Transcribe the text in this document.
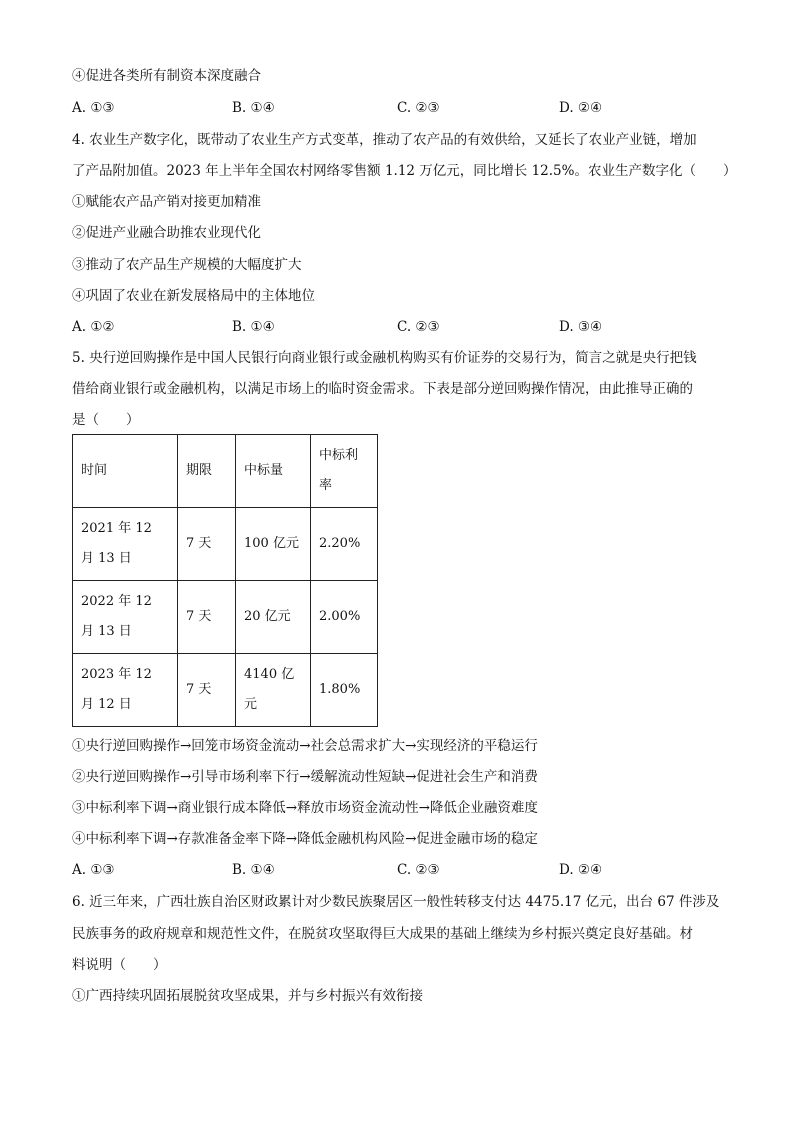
④促进各类所有制资本深度融合
A. ①③	B. ①④	C. ②③	D. ②④
4. 农业生产数字化，既带动了农业生产方式变革，推动了农产品的有效供给，又延长了农业产业链，增加
了产品附加值。2023 年上半年全国农村网络零售额 1.12 万亿元，同比增长 12.5%。农业生产数字化（　　）
①赋能农产品产销对接更加精准
②促进产业融合助推农业现代化
③推动了农产品生产规模的大幅度扩大
④巩固了农业在新发展格局中的主体地位
A. ①②	B. ①④	C. ②③	D. ③④
5. 央行逆回购操作是中国人民银行向商业银行或金融机构购买有价证券的交易行为，简言之就是央行把钱
借给商业银行或金融机构，以满足市场上的临时资金需求。下表是部分逆回购操作情况，由此推导正确的
是（　　）
时间	期限	中标量	中标利率
2021 年 12 月 13 日	7 天	100 亿元	2.20%
2022 年 12 月 13 日	7 天	20 亿元	2.00%
2023 年 12 月 12 日	7 天	4140 亿元	1.80%
①央行逆回购操作→回笼市场资金流动→社会总需求扩大→实现经济的平稳运行
②央行逆回购操作→引导市场利率下行→缓解流动性短缺→促进社会生产和消费
③中标利率下调→商业银行成本降低→释放市场资金流动性→降低企业融资难度
④中标利率下调→存款准备金率下降→降低金融机构风险→促进金融市场的稳定
A. ①③	B. ①④	C. ②③	D. ②④
6. 近三年来，广西壮族自治区财政累计对少数民族聚居区一般性转移支付达 4475.17 亿元，出台 67 件涉及
民族事务的政府规章和规范性文件，在脱贫攻坚取得巨大成果的基础上继续为乡村振兴奠定良好基础。材
料说明（　　）
①广西持续巩固拓展脱贫攻坚成果，并与乡村振兴有效衔接
